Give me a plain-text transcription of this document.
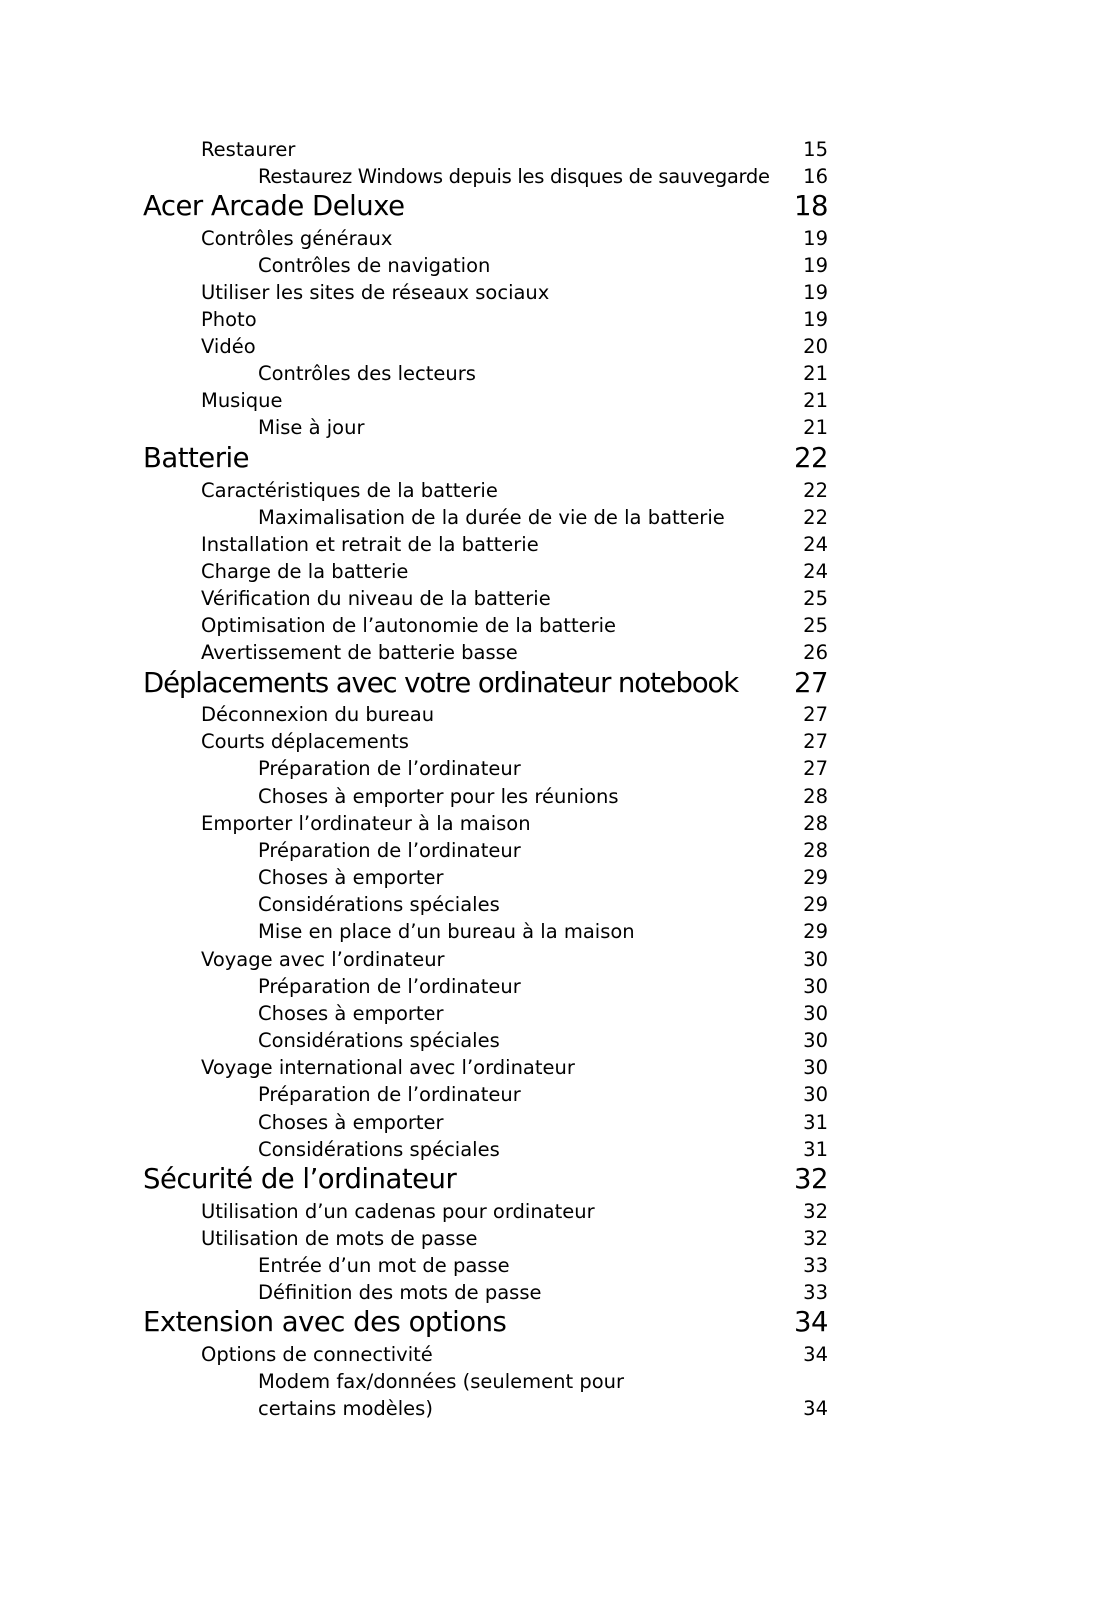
Restaurer	15
Restaurez Windows depuis les disques de sauvegarde 16
Acer Arcade Deluxe	18
Contrôles généraux	19
Contrôles de navigation	19
Utiliser les sites de réseaux sociaux	19
Photo	19
Vidéo	20
Contrôles des lecteurs	21
Musique	21
Mise à jour	21
Batterie	22
Caractéristiques de la batterie	22
Maximalisation de la durée de vie de la batterie	22
Installation et retrait de la batterie	24
Charge de la batterie	24
Vérification du niveau de la batterie	25
Optimisation de l’autonomie de la batterie	25
Avertissement de batterie basse	26
Déplacements avec votre ordinateur notebook 27
Déconnexion du bureau	27
Courts déplacements	27
Préparation de l’ordinateur	27
Choses à emporter pour les réunions	28
Emporter l’ordinateur à la maison	28
Préparation de l’ordinateur	28
Choses à emporter	29
Considérations spéciales	29
Mise en place d’un bureau à la maison	29
Voyage avec l’ordinateur	30
Préparation de l’ordinateur	30
Choses à emporter	30
Considérations spéciales	30
Voyage international avec l’ordinateur	30
Préparation de l’ordinateur	30
Choses à emporter	31
Considérations spéciales	31
Sécurité de l’ordinateur	32
Utilisation d’un cadenas pour ordinateur	32
Utilisation de mots de passe	32
Entrée d’un mot de passe	33
Définition des mots de passe	33
Extension avec des options	34
Options de connectivité	34
Modem fax/données (seulement pour
certains modèles)	34
